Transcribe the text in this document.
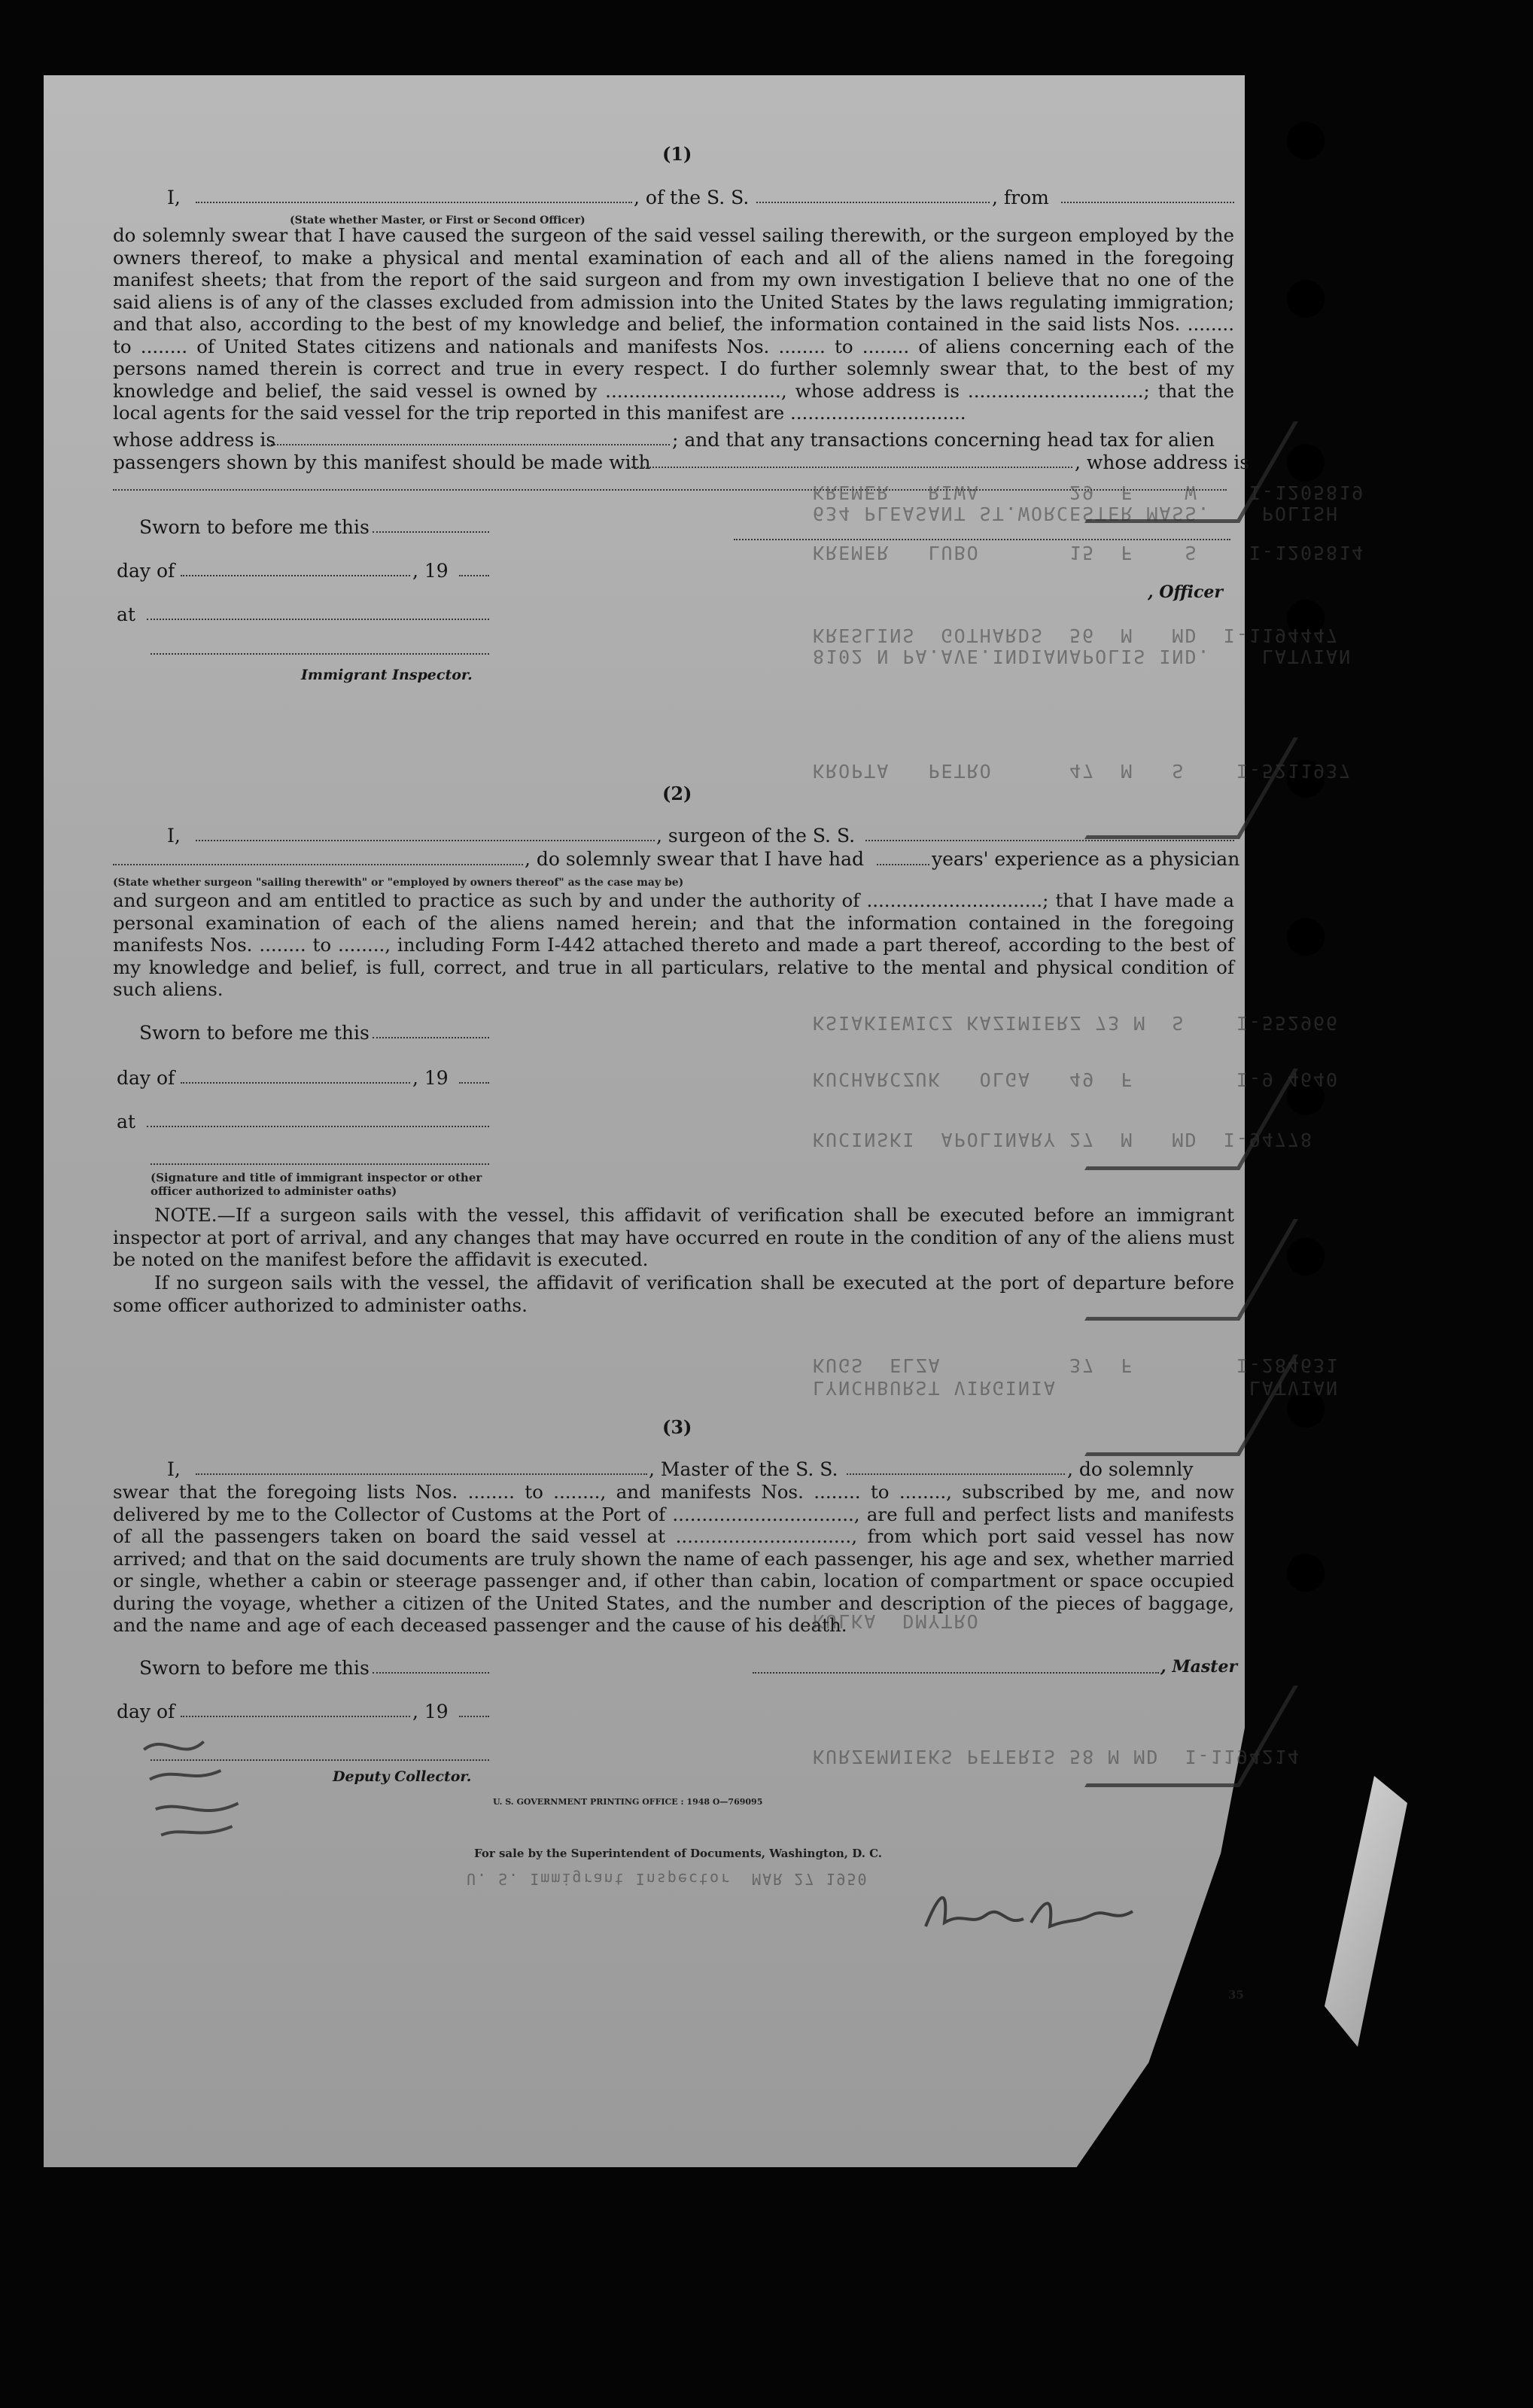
KREMER   RIWA       29  F    W    I-1205819
634 PLEASANT ST.WORCESTER MASS.    POLISH
KREMER   LUBO       15  F    S    I-1205814
KRESLINS  GOTHARDS  56  M   MD  I-1194447
8102 N PA.AVE.INDIANAPOLIS IND.    LATVIAN
KROPTA   PETRO      47  M   S    I-5211937
KSIAKIEWICZ KAZIMIERZ 73 M  S    I-552966
KUCHARCZUK   OLGA   49  F        I-9 4640
KUCINSKI  APOLINARY 27  M   MD  I-94778
KUGS  ELZA          37  F        I-284631
LYNCHBURST VIRGINIA               LATVIAN
KULKA  DMYTRO
KURZEMNIEKS PETERIS 58 M MD  I-1194214
(1)
I,	, of the S. S.	, from
(State whether Master, or First or Second Officer)
do solemnly swear that I have caused the surgeon of the said vessel sailing therewith, or the surgeon employed by the owners thereof, to make a physical and mental examination of each and all of the aliens named in the foregoing manifest sheets; that from the report of the said surgeon and from my own investigation I believe that no one of the said aliens is of any of the classes excluded from admission into the United States by the laws regulating immigration; and that also, according to the best of my knowledge and belief, the information contained in the said lists Nos. ........ to ........ of United States citizens and nationals and manifests Nos. ........ to ........ of aliens concerning each of the persons named therein is correct and true in every respect. I do further solemnly swear that, to the best of my knowledge and belief, the said vessel is owned by .............................., whose address is ..............................; that the local agents for the said vessel for the trip reported in this manifest are ..............................
whose address is	; and that any transactions concerning head tax for alien
passengers shown by this manifest should be made with	, whose address is
Sworn to before me this
day of	, 19
, Officer
at
Immigrant Inspector.
(2)
I,	, surgeon of the S. S.
, do solemnly swear that I have had	years' experience as a physician
(State whether surgeon "sailing therewith" or "employed by owners thereof" as the case may be)
and surgeon and am entitled to practice as such by and under the authority of ..............................; that I have made a personal examination of each of the aliens named herein; and that the information contained in the foregoing manifests Nos. ........ to ........, including Form I-442 attached thereto and made a part thereof, according to the best of my knowledge and belief, is full, correct, and true in all particulars, relative to the mental and physical condition of such aliens.
Sworn to before me this
day of	, 19
at
(Signature and title of immigrant inspector or other officer authorized to administer oaths)
NOTE.—If a surgeon sails with the vessel, this affidavit of verification shall be executed before an immigrant inspector at port of arrival, and any changes that may have occurred en route in the condition of any of the aliens must be noted on the manifest before the affidavit is executed.
If no surgeon sails with the vessel, the affidavit of verification shall be executed at the port of departure before some officer authorized to administer oaths.
(3)
I,	, Master of the S. S.	, do solemnly
swear that the foregoing lists Nos. ........ to ........, and manifests Nos. ........ to ........, subscribed by me, and now delivered by me to the Collector of Customs at the Port of ..............................., are full and perfect lists and manifests of all the passengers taken on board the said vessel at .............................., from which port said vessel has now arrived; and that on the said documents are truly shown the name of each passenger, his age and sex, whether married or single, whether a cabin or steerage passenger and, if other than cabin, location of compartment or space occupied during the voyage, whether a citizen of the United States, and the number and description of the pieces of baggage, and the name and age of each deceased passenger and the cause of his death.
Sworn to before me this	, Master
day of	, 19
Deputy Collector.
U. S. GOVERNMENT PRINTING OFFICE : 1948 O—769095
For sale by the Superintendent of Documents, Washington, D. C.
U. S. Immigrant Inspector  MAR 27 1950
35
